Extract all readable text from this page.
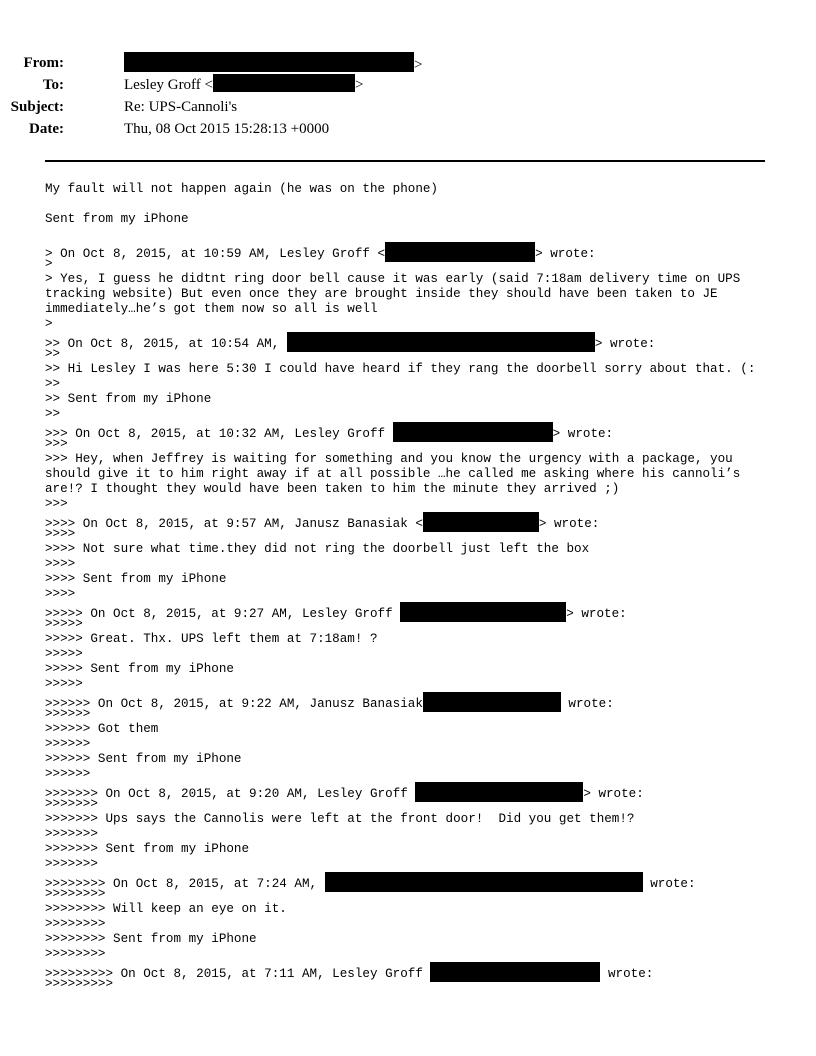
From:	>
To:	Lesley Groff <	>
Subject:	Re: UPS-Cannoli's
Date:	Thu, 08 Oct 2015 15:28:13 +0000
My fault will not happen again (he was on the phone)
Sent from my iPhone
> On Oct 8, 2015, at 10:59 AM, Lesley Groff <	> wrote:
>
> Yes, I guess he didtnt ring door bell cause it was early (said 7:18am delivery time on UPS tracking website) But even once they are brought inside they should have been taken to JE immediately…he’s got them now so all is well
>
>> On Oct 8, 2015, at 10:54 AM,	> wrote:
>>
>> Hi Lesley I was here 5:30 I could have heard if they rang the doorbell sorry about that. (:
>>
>> Sent from my iPhone
>>
>>> On Oct 8, 2015, at 10:32 AM, Lesley Groff	> wrote:
>>>
>>> Hey, when Jeffrey is waiting for something and you know the urgency with a package, you should give it to him right away if at all possible …he called me asking where his cannoli’s are!? I thought they would have been taken to him the minute they arrived ;)
>>>
>>>> On Oct 8, 2015, at 9:57 AM, Janusz Banasiak <	> wrote:
>>>>
>>>> Not sure what time.they did not ring the doorbell just left the box
>>>>
>>>> Sent from my iPhone
>>>>
>>>>> On Oct 8, 2015, at 9:27 AM, Lesley Groff	> wrote:
>>>>>
>>>>> Great. Thx. UPS left them at 7:18am! ?
>>>>>
>>>>> Sent from my iPhone
>>>>>
>>>>>> On Oct 8, 2015, at 9:22 AM, Janusz Banasiak	wrote:
>>>>>>
>>>>>> Got them
>>>>>>
>>>>>> Sent from my iPhone
>>>>>>
>>>>>>> On Oct 8, 2015, at 9:20 AM, Lesley Groff	> wrote:
>>>>>>>
>>>>>>> Ups says the Cannolis were left at the front door!  Did you get them!?
>>>>>>>
>>>>>>> Sent from my iPhone
>>>>>>>
>>>>>>>> On Oct 8, 2015, at 7:24 AM,	wrote:
>>>>>>>>
>>>>>>>> Will keep an eye on it.
>>>>>>>>
>>>>>>>> Sent from my iPhone
>>>>>>>>
>>>>>>>>> On Oct 8, 2015, at 7:11 AM, Lesley Groff	wrote:
>>>>>>>>>
